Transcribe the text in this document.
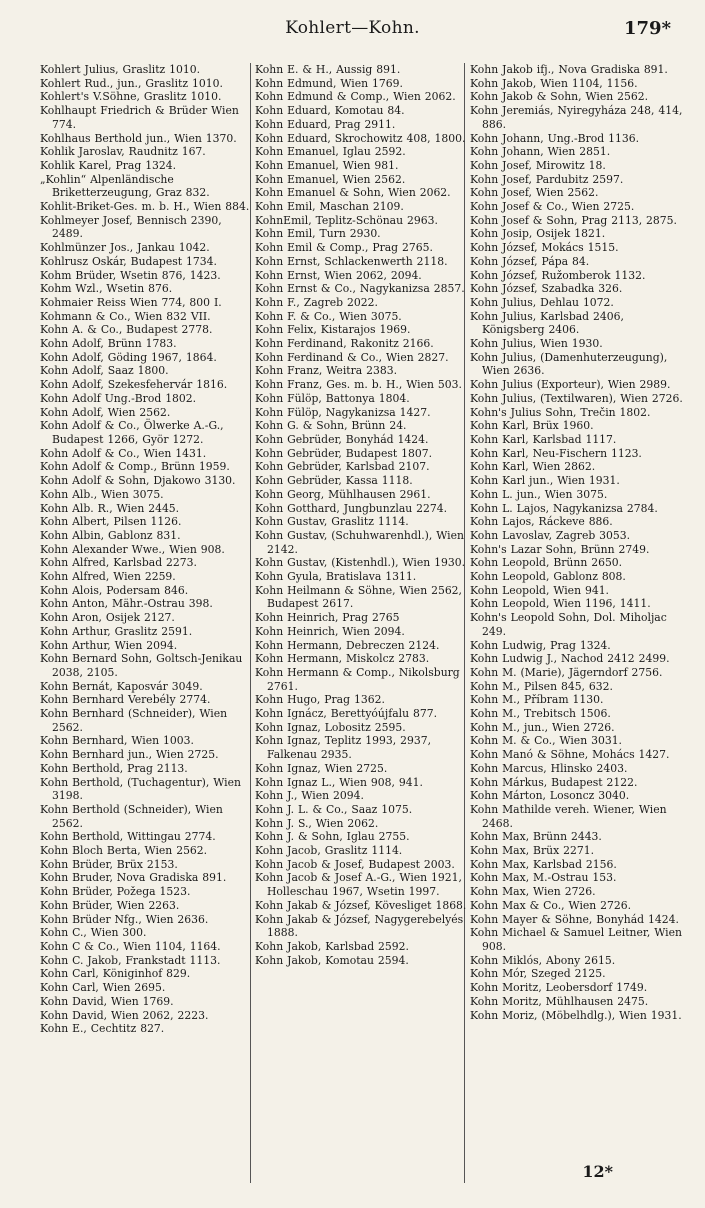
Kohlert—Kohn.	179*
Kohlert Julius, Graslitz 1010.
Kohlert Rud., jun., Graslitz 1010.
Kohlert's V.Söhne, Graslitz 1010.
Kohlhaupt Friedrich & Brüder Wien 774.
Kohlhaus Berthold jun., Wien 1370.
Kohlik Jaroslav, Raudnitz 167.
Kohlik Karel, Prag 1324.
„Kohlin“ Alpenländische Briketterzeugung, Graz 832.
Kohlit-Briket-Ges. m. b. H., Wien 884.
Kohlmeyer Josef, Bennisch 2390, 2489.
Kohlmünzer Jos., Jankau 1042.
Kohlrusz Oskár, Budapest 1734.
Kohm Brüder, Wsetin 876, 1423.
Kohm Wzl., Wsetin 876.
Kohmaier Reiss Wien 774, 800 I.
Kohmann & Co., Wien 832 VII.
Kohn A. & Co., Budapest 2778.
Kohn Adolf, Brünn 1783.
Kohn Adolf, Göding 1967, 1864.
Kohn Adolf, Saaz 1800.
Kohn Adolf, Szekesfehervár 1816.
Kohn Adolf Ung.-Brod 1802.
Kohn Adolf, Wien 2562.
Kohn Adolf & Co., Ölwerke A.-G., Budapest 1266, Györ 1272.
Kohn Adolf & Co., Wien 1431.
Kohn Adolf & Comp., Brünn 1959.
Kohn Adolf & Sohn, Djakowo 3130.
Kohn Alb., Wien 3075.
Kohn Alb. R., Wien 2445.
Kohn Albert, Pilsen 1126.
Kohn Albin, Gablonz 831.
Kohn Alexander Wwe., Wien 908.
Kohn Alfred, Karlsbad 2273.
Kohn Alfred, Wien 2259.
Kohn Alois, Podersam 846.
Kohn Anton, Mähr.-Ostrau 398.
Kohn Aron, Osijek 2127.
Kohn Arthur, Graslitz 2591.
Kohn Arthur, Wien 2094.
Kohn Bernard Sohn, Goltsch-Jenikau 2038, 2105.
Kohn Bernát, Kaposvár 3049.
Kohn Bernhard Verebély 2774.
Kohn Bernhard (Schneider), Wien 2562.
Kohn Bernhard, Wien 1003.
Kohn Bernhard jun., Wien 2725.
Kohn Berthold, Prag 2113.
Kohn Berthold, (Tuchagentur), Wien 3198.
Kohn Berthold (Schneider), Wien 2562.
Kohn Berthold, Wittingau 2774.
Kohn Bloch Berta, Wien 2562.
Kohn Brüder, Brüx 2153.
Kohn Bruder, Nova Gradiska 891.
Kohn Brüder, Požega 1523.
Kohn Brüder, Wien 2263.
Kohn Brüder Nfg., Wien 2636.
Kohn C., Wien 300.
Kohn C & Co., Wien 1104, 1164.
Kohn C. Jakob, Frankstadt 1113.
Kohn Carl, Königinhof 829.
Kohn Carl, Wien 2695.
Kohn David, Wien 1769.
Kohn David, Wien 2062, 2223.
Kohn E., Cechtitz 827.
Kohn E. & H., Aussig 891.
Kohn Edmund, Wien 1769.
Kohn Edmund & Comp., Wien 2062.
Kohn Eduard, Komotau 84.
Kohn Eduard, Prag 2911.
Kohn Eduard, Skrochowitz 408, 1800.
Kohn Emanuel, Iglau 2592.
Kohn Emanuel, Wien 981.
Kohn Emanuel, Wien 2562.
Kohn Emanuel & Sohn, Wien 2062.
Kohn Emil, Maschan 2109.
KohnEmil, Teplitz-Schönau 2963.
Kohn Emil, Turn 2930.
Kohn Emil & Comp., Prag 2765.
Kohn Ernst, Schlackenwerth 2118.
Kohn Ernst, Wien 2062, 2094.
Kohn Ernst & Co., Nagykanizsa 2857.
Kohn F., Zagreb 2022.
Kohn F. & Co., Wien 3075.
Kohn Felix, Kistarajos 1969.
Kohn Ferdinand, Rakonitz 2166.
Kohn Ferdinand & Co., Wien 2827.
Kohn Franz, Weitra 2383.
Kohn Franz, Ges. m. b. H., Wien 503.
Kohn Fülöp, Battonya 1804.
Kohn Fülöp, Nagykanizsa 1427.
Kohn G. & Sohn, Brünn 24.
Kohn Gebrüder, Bonyhád 1424.
Kohn Gebrüder, Budapest 1807.
Kohn Gebrüder, Karlsbad 2107.
Kohn Gebrüder, Kassa 1118.
Kohn Georg, Mühlhausen 2961.
Kohn Gotthard, Jungbunzlau 2274.
Kohn Gustav, Graslitz 1114.
Kohn Gustav, (Schuhwarenhdl.), Wien 2142.
Kohn Gustav, (Kistenhdl.), Wien 1930.
Kohn Gyula, Bratislava 1311.
Kohn Heilmann & Söhne, Wien 2562, Budapest 2617.
Kohn Heinrich, Prag 2765
Kohn Heinrich, Wien 2094.
Kohn Hermann, Debreczen 2124.
Kohn Hermann, Miskolcz 2783.
Kohn Hermann & Comp., Nikolsburg 2761.
Kohn Hugo, Prag 1362.
Kohn Ignácz, Berettyóújfalu 877.
Kohn Ignaz, Lobositz 2595.
Kohn Ignaz, Teplitz 1993, 2937, Falkenau 2935.
Kohn Ignaz, Wien 2725.
Kohn Ignaz L., Wien 908, 941.
Kohn J., Wien 2094.
Kohn J. L. & Co., Saaz 1075.
Kohn J. S., Wien 2062.
Kohn J. & Sohn, Iglau 2755.
Kohn Jacob, Graslitz 1114.
Kohn Jacob & Josef, Budapest 2003.
Kohn Jacob & Josef A.-G., Wien 1921, Holleschau 1967, Wsetin 1997.
Kohn Jakab & József, Kövesliget 1868.
Kohn Jakab & József, Nagygerebelyés 1888.
Kohn Jakob, Karlsbad 2592.
Kohn Jakob, Komotau 2594.
Kohn Jakob ifj., Nova Gradiska 891.
Kohn Jakob, Wien 1104, 1156.
Kohn Jakob & Sohn, Wien 2562.
Kohn Jeremiás, Nyiregyháza 248, 414, 886.
Kohn Johann, Ung.-Brod 1136.
Kohn Johann, Wien 2851.
Kohn Josef, Mirowitz 18.
Kohn Josef, Pardubitz 2597.
Kohn Josef, Wien 2562.
Kohn Josef & Co., Wien 2725.
Kohn Josef & Sohn, Prag 2113, 2875.
Kohn Josip, Osijek 1821.
Kohn József, Mokács 1515.
Kohn József, Pápa 84.
Kohn József, Ružomberok 1132.
Kohn József, Szabadka 326.
Kohn Julius, Dehlau 1072.
Kohn Julius, Karlsbad 2406, Königsberg 2406.
Kohn Julius, Wien 1930.
Kohn Julius, (Damenhuterzeugung), Wien 2636.
Kohn Julius (Exporteur), Wien 2989.
Kohn Julius, (Textilwaren), Wien 2726.
Kohn's Julius Sohn, Trečin 1802.
Kohn Karl, Brüx 1960.
Kohn Karl, Karlsbad 1117.
Kohn Karl, Neu-Fischern 1123.
Kohn Karl, Wien 2862.
Kohn Karl jun., Wien 1931.
Kohn L. jun., Wien 3075.
Kohn L. Lajos, Nagykanizsa 2784.
Kohn Lajos, Ráckeve 886.
Kohn Lavoslav, Zagreb 3053.
Kohn's Lazar Sohn, Brünn 2749.
Kohn Leopold, Brünn 2650.
Kohn Leopold, Gablonz 808.
Kohn Leopold, Wien 941.
Kohn Leopold, Wien 1196, 1411.
Kohn's Leopold Sohn, Dol. Miholjac 249.
Kohn Ludwig, Prag 1324.
Kohn Ludwig J., Nachod 2412 2499.
Kohn M. (Marie), Jägerndorf 2756.
Kohn M., Pilsen 845, 632.
Kohn M., Příbram 1130.
Kohn M., Trebitsch 1506.
Kohn M., jun., Wien 2726.
Kohn M. & Co., Wien 3031.
Kohn Manó & Söhne, Mohács 1427.
Kohn Marcus, Hlinsko 2403.
Kohn Márkus, Budapest 2122.
Kohn Márton, Losoncz 3040.
Kohn Mathilde vereh. Wiener, Wien 2468.
Kohn Max, Brünn 2443.
Kohn Max, Brüx 2271.
Kohn Max, Karlsbad 2156.
Kohn Max, M.-Ostrau 153.
Kohn Max, Wien 2726.
Kohn Max & Co., Wien 2726.
Kohn Mayer & Söhne, Bonyhád 1424.
Kohn Michael & Samuel Leitner, Wien 908.
Kohn Miklós, Abony 2615.
Kohn Mór, Szeged 2125.
Kohn Moritz, Leobersdorf 1749.
Kohn Moritz, Mühlhausen 2475.
Kohn Moriz, (Möbelhdlg.), Wien 1931.
12*
